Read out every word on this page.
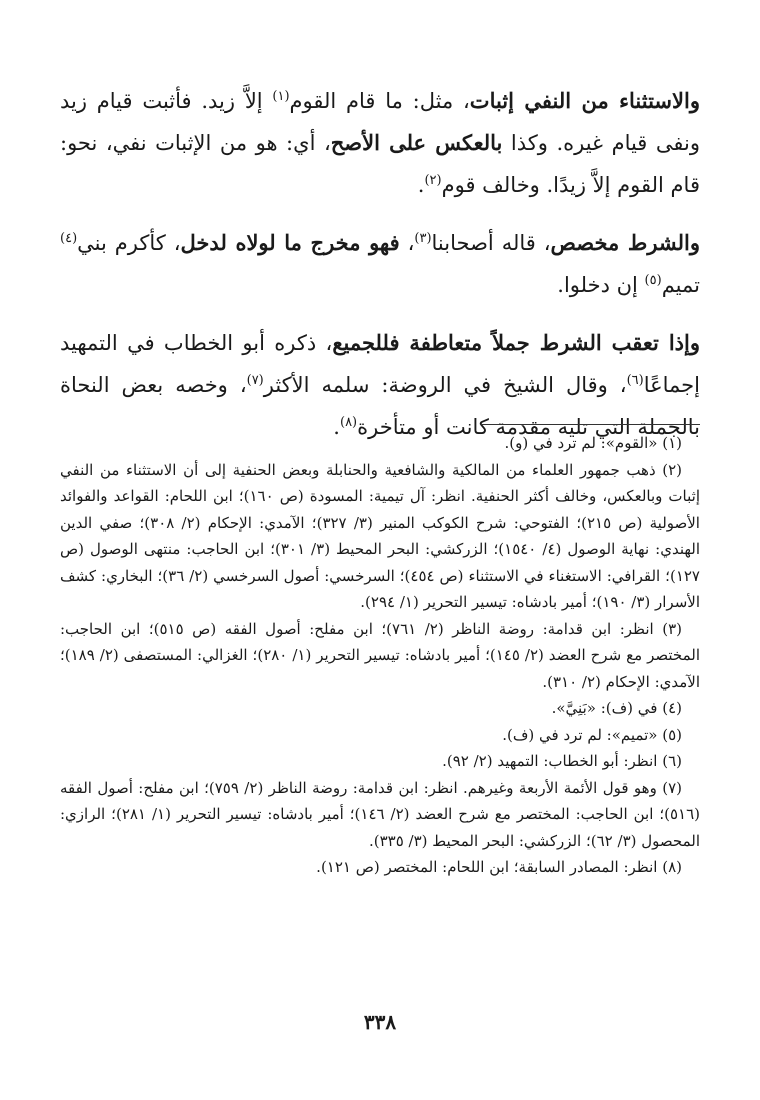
والاستثناء من النفي إثبات، مثل: ما قام القوم$^{(١)}$ إلاَّ زيد. فأثبت قيام زيد ونفى قيام غيره. وكذا بالعكس على الأصح، أي: هو من الإثبات نفي، نحو: قام القوم إلاَّ زيدًا. وخالف قوم$^{(٢)}$.

والشرط مخصص، قاله أصحابنا$^{(٣)}$، فهو مخرج ما لولاه لدخل، كأكرم بني$^{(٤)}$ تميم$^{(٥)}$ إن دخلوا.

وإذا تعقب الشرط جملاً متعاطفة فللجميع، ذكره أبو الخطاب في التمهيد إجماعًا$^{(٦)}$، وقال الشيخ في الروضة: سلمه الأكثر$^{(٧)}$، وخصه بعض النحاة بالجملة التي تليه مقدمة كانت أو متأخرة$^{(٨)}$.

(١) «القوم»: لم ترد في (و).

(٢) ذهب جمهور العلماء من المالكية والشافعية والحنابلة وبعض الحنفية إلى أن الاستثناء من النفي إثبات وبالعكس، وخالف أكثر الحنفية. انظر: آل تيمية: المسودة (ص ١٦٠)؛ ابن اللحام: القواعد والفوائد الأصولية (ص ٢١٥)؛ الفتوحي: شرح الكوكب المنير (٣/ ٣٢٧)؛ الآمدي: الإحكام (٢/ ٣٠٨)؛ صفي الدين الهندي: نهاية الوصول (٤/ ١٥٤٠)؛ الزركشي: البحر المحيط (٣/ ٣٠١)؛ ابن الحاجب: منتهى الوصول (ص ١٢٧)؛ القرافي: الاستغناء في الاستثناء (ص ٤٥٤)؛ السرخسي: أصول السرخسي (٢/ ٣٦)؛ البخاري: كشف الأسرار (٣/ ١٩٠)؛ أمير بادشاه: تيسير التحرير (١/ ٢٩٤).

(٣) انظر: ابن قدامة: روضة الناظر (٢/ ٧٦١)؛ ابن مفلح: أصول الفقه (ص ٥١٥)؛ ابن الحاجب: المختصر مع شرح العضد (٢/ ١٤٥)؛ أمير بادشاه: تيسير التحرير (١/ ٢٨٠)؛ الغزالي: المستصفى (٢/ ١٨٩)؛ الآمدي: الإحكام (٢/ ٣١٠).

(٤) في (ف): «بَنِيَّ».

(٥) «تميم»: لم ترد في (ف).

(٦) انظر: أبو الخطاب: التمهيد (٢/ ٩٢).

(٧) وهو قول الأئمة الأربعة وغيرهم. انظر: ابن قدامة: روضة الناظر (٢/ ٧٥٩)؛ ابن مفلح: أصول الفقه (٥١٦)؛ ابن الحاجب: المختصر مع شرح العضد (٢/ ١٤٦)؛ أمير بادشاه: تيسير التحرير (١/ ٢٨١)؛ الرازي: المحصول (٣/ ٦٢)؛ الزركشي: البحر المحيط (٣/ ٣٣٥).

(٨) انظر: المصادر السابقة؛ ابن اللحام: المختصر (ص ١٢١).

٣٣٨
